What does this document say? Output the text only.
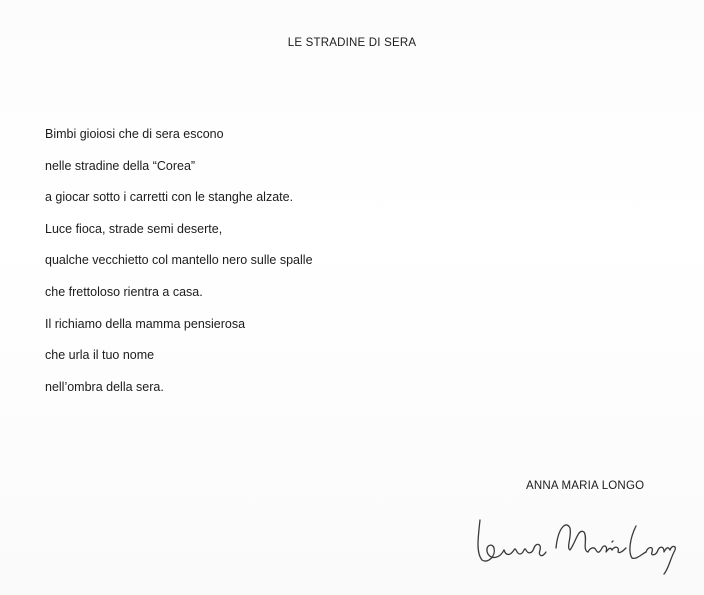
LE STRADINE DI SERA
Bimbi gioiosi che di sera escono
nelle stradine della “Corea”
a giocar sotto i carretti con le stanghe alzate.
Luce fioca, strade semi deserte,
qualche vecchietto col mantello nero sulle spalle
che frettoloso rientra a casa.
Il richiamo della mamma pensierosa
che urla il tuo nome
nell’ombra della sera.
ANNA MARIA LONGO
